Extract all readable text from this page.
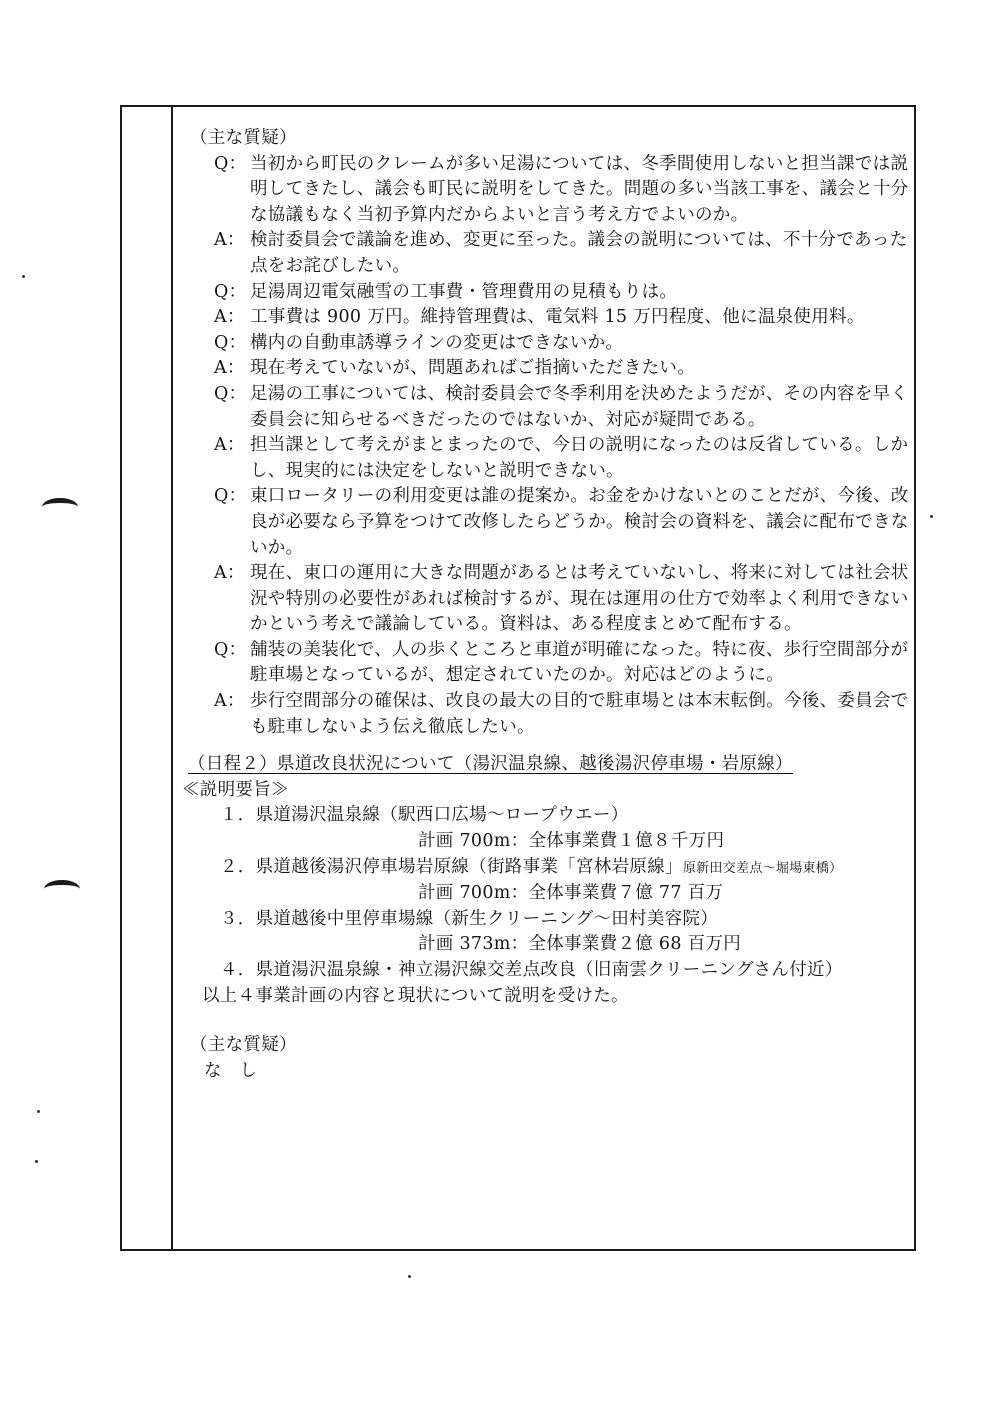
（主な質疑）
Q： 当初から町民のクレームが多い足湯については、冬季間使用しないと担当課では説明してきたし、議会も町民に説明をしてきた。問題の多い当該工事を、議会と十分な協議もなく当初予算内だからよいと言う考え方でよいのか。
A： 検討委員会で議論を進め、変更に至った。議会の説明については、不十分であった点をお詫びしたい。
Q： 足湯周辺電気融雪の工事費・管理費用の見積もりは。
A： 工事費は 900 万円。維持管理費は、電気料 15 万円程度、他に温泉使用料。
Q： 構内の自動車誘導ラインの変更はできないか。
A： 現在考えていないが、問題あればご指摘いただきたい。
Q： 足湯の工事については、検討委員会で冬季利用を決めたようだが、その内容を早く委員会に知らせるべきだったのではないか、対応が疑問である。
A： 担当課として考えがまとまったので、今日の説明になったのは反省している。しかし、現実的には決定をしないと説明できない。
Q： 東口ロータリーの利用変更は誰の提案か。お金をかけないとのことだが、今後、改良が必要なら予算をつけて改修したらどうか。検討会の資料を、議会に配布できないか。
A： 現在、東口の運用に大きな問題があるとは考えていないし、将来に対しては社会状況や特別の必要性があれば検討するが、現在は運用の仕方で効率よく利用できないかという考えで議論している。資料は、ある程度まとめて配布する。
Q： 舗装の美装化で、人の歩くところと車道が明確になった。特に夜、歩行空間部分が駐車場となっているが、想定されていたのか。対応はどのように。
A： 歩行空間部分の確保は、改良の最大の目的で駐車場とは本末転倒。今後、委員会でも駐車しないよう伝え徹底したい。
（日程２）県道改良状況について（湯沢温泉線、越後湯沢停車場・岩原線）
≪説明要旨≫
１．県道湯沢温泉線（駅西口広場～ロープウエー）
計画 700m：全体事業費１億８千万円
２．県道越後湯沢停車場岩原線（街路事業「宮林岩原線」原新田交差点～堀場東橋）
計画 700m：全体事業費７億 77 百万
３．県道越後中里停車場線（新生クリーニング～田村美容院）
計画 373m：全体事業費２億 68 百万円
４．県道湯沢温泉線・神立湯沢線交差点改良（旧南雲クリーニングさん付近）
以上４事業計画の内容と現状について説明を受けた。
（主な質疑）
なし
